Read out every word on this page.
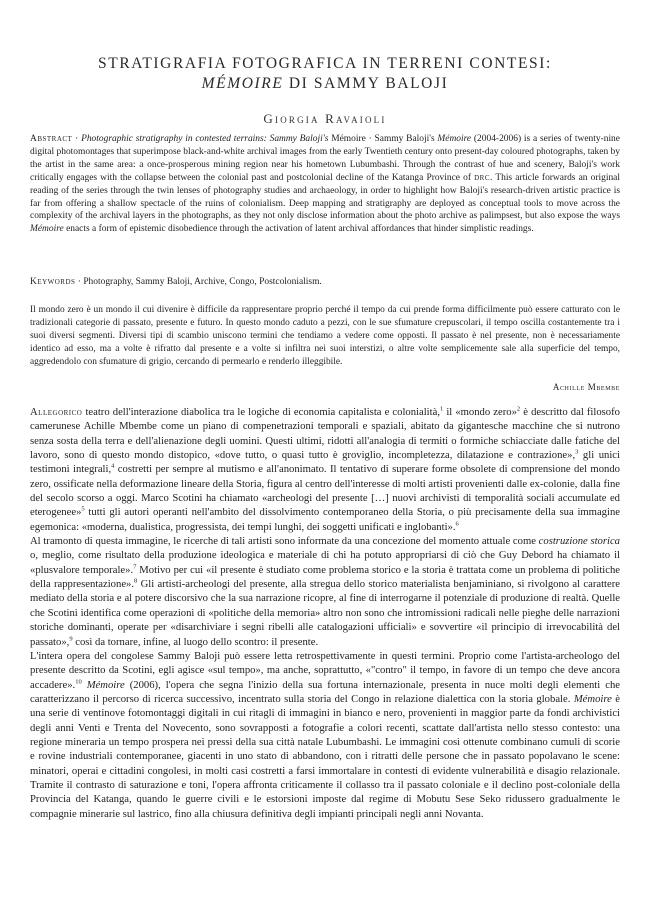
STRATIGRAFIA FOTOGRAFICA IN TERRENI CONTESI:
MÉMOIRE DI SAMMY BALOJI
Giorgia Ravaioli
Abstract · Photographic stratigraphy in contested terrains: Sammy Baloji's Mémoire · Sammy Baloji's Mémoire (2004-2006) is a series of twenty-nine digital photomontages that superimpose black-and-white archival images from the early Twentieth century onto present-day coloured photographs, taken by the artist in the same area: a once-prosperous mining region near his hometown Lubumbashi. Through the contrast of hue and scenery, Baloji's work critically engages with the collapse between the colonial past and postcolonial decline of the Katanga Province of drc. This article forwards an original reading of the series through the twin lenses of photography studies and archaeology, in order to highlight how Baloji's research-driven artistic practice is far from offering a shallow spectacle of the ruins of colonialism. Deep mapping and stratigraphy are deployed as conceptual tools to move across the complexity of the archival layers in the photographs, as they not only disclose information about the photo archive as palimpsest, but also expose the ways Mémoire enacts a form of epistemic disobedience through the activation of latent archival affordances that hinder simplistic readings.
Keywords · Photography, Sammy Baloji, Archive, Congo, Postcolonialism.
Il mondo zero è un mondo il cui divenire è difficile da rappresentare proprio perché il tempo da cui prende forma difficilmente può essere catturato con le tradizionali categorie di passato, presente e futuro. In questo mondo caduto a pezzi, con le sue sfumature crepuscolari, il tempo oscilla costantemente tra i suoi diversi segmenti. Diversi tipi di scambio uniscono termini che tendiamo a vedere come opposti. Il passato è nel presente, non è necessariamente identico ad esso, ma a volte è rifratto dal presente e a volte si infiltra nei suoi interstizi, o altre volte semplicemente sale alla superficie del tempo, aggredendolo con sfumature di grigio, cercando di permearlo e renderlo illeggibile.
Achille Mbembe

Allegorico teatro dell'interazione diabolica tra le logiche di economia capitalista e colonialità,$^1$ il «mondo zero»$^2$ è descritto dal filosofo camerunese Achille Mbembe come un piano di compenetrazioni temporali e spaziali, abitato da gigantesche macchine che si nutrono senza sosta della terra e dell'alienazione degli uomini. Questi ultimi, ridotti all'analogia di termiti o formiche schiacciate dalle fatiche del lavoro, sono di questo mondo distopico, «dove tutto, o quasi tutto è groviglio, incompletezza, dilatazione e contrazione»,$^3$ gli unici testimoni integrali,$^4$ costretti per sempre al mutismo e all'anonimato. Il tentativo di superare forme obsolete di comprensione del mondo zero, ossificate nella deformazione lineare della Storia, figura al centro dell'interesse di molti artisti provenienti dalle ex-colonie, dalla fine del secolo scorso a oggi. Marco Scotini ha chiamato «archeologi del presente […] nuovi archivisti di temporalità sociali accumulate ed eterogenee»$^5$ tutti gli autori operanti nell'ambito del dissolvimento contemporaneo della Storia, o più precisamente della sua immagine egemonica: «moderna, dualistica, progressista, dei tempi lunghi, dei soggetti unificati e inglobanti».$^6$

Al tramonto di questa immagine, le ricerche di tali artisti sono informate da una concezione del momento attuale come costruzione storica o, meglio, come risultato della produzione ideologica e materiale di chi ha potuto appropriarsi di ciò che Guy Debord ha chiamato il «plusvalore temporale».$^7$ Motivo per cui «il presente è studiato come problema storico e la storia è trattata come un problema di politiche della rappresentazione».$^8$ Gli artisti-archeologi del presente, alla stregua dello storico materialista benjaminiano, si rivolgono al carattere mediato della storia e al potere discorsivo che la sua narrazione ricopre, al fine di interrogarne il potenziale di produzione di realtà. Quelle che Scotini identifica come operazioni di «politiche della memoria» altro non sono che intromissioni radicali nelle pieghe delle narrazioni storiche dominanti, operate per «disarchiviare i segni ribelli alle catalogazioni ufficiali» e sovvertire «il principio di irrevocabilità del passato»,$^9$ così da tornare, infine, al luogo dello scontro: il presente.

L'intera opera del congolese Sammy Baloji può essere letta retrospettivamente in questi termini. Proprio come l'artista-archeologo del presente descritto da Scotini, egli agisce «sul tempo», ma anche, soprattutto, «"contro" il tempo, in favore di un tempo che deve ancora accadere».$^{10}$ Mémoire (2006), l'opera che segna l'inizio della sua fortuna internazionale, presenta in nuce molti degli elementi che caratterizzano il percorso di ricerca successivo, incentrato sulla storia del Congo in relazione dialettica con la storia globale. Mémoire è una serie di ventinove fotomontaggi digitali in cui ritagli di immagini in bianco e nero, provenienti in maggior parte da fondi archivistici degli anni Venti e Trenta del Novecento, sono sovrapposti a fotografie a colori recenti, scattate dall'artista nello stesso contesto: una regione mineraria un tempo prospera nei pressi della sua città natale Lubumbashi. Le immagini così ottenute combinano cumuli di scorie e rovine industriali contemporanee, giacenti in uno stato di abbandono, con i ritratti delle persone che in passato popolavano le scene: minatori, operai e cittadini congolesi, in molti casi costretti a farsi immortalare in contesti di evidente vulnerabilità e disagio relazionale. Tramite il contrasto di saturazione e toni, l'opera affronta criticamente il collasso tra il passato coloniale e il declino post-coloniale della Provincia del Katanga, quando le guerre civili e le estorsioni imposte dal regime di Mobutu Sese Seko ridussero gradualmente le compagnie minerarie sul lastrico, fino alla chiusura definitiva degli impianti principali negli anni Novanta.
